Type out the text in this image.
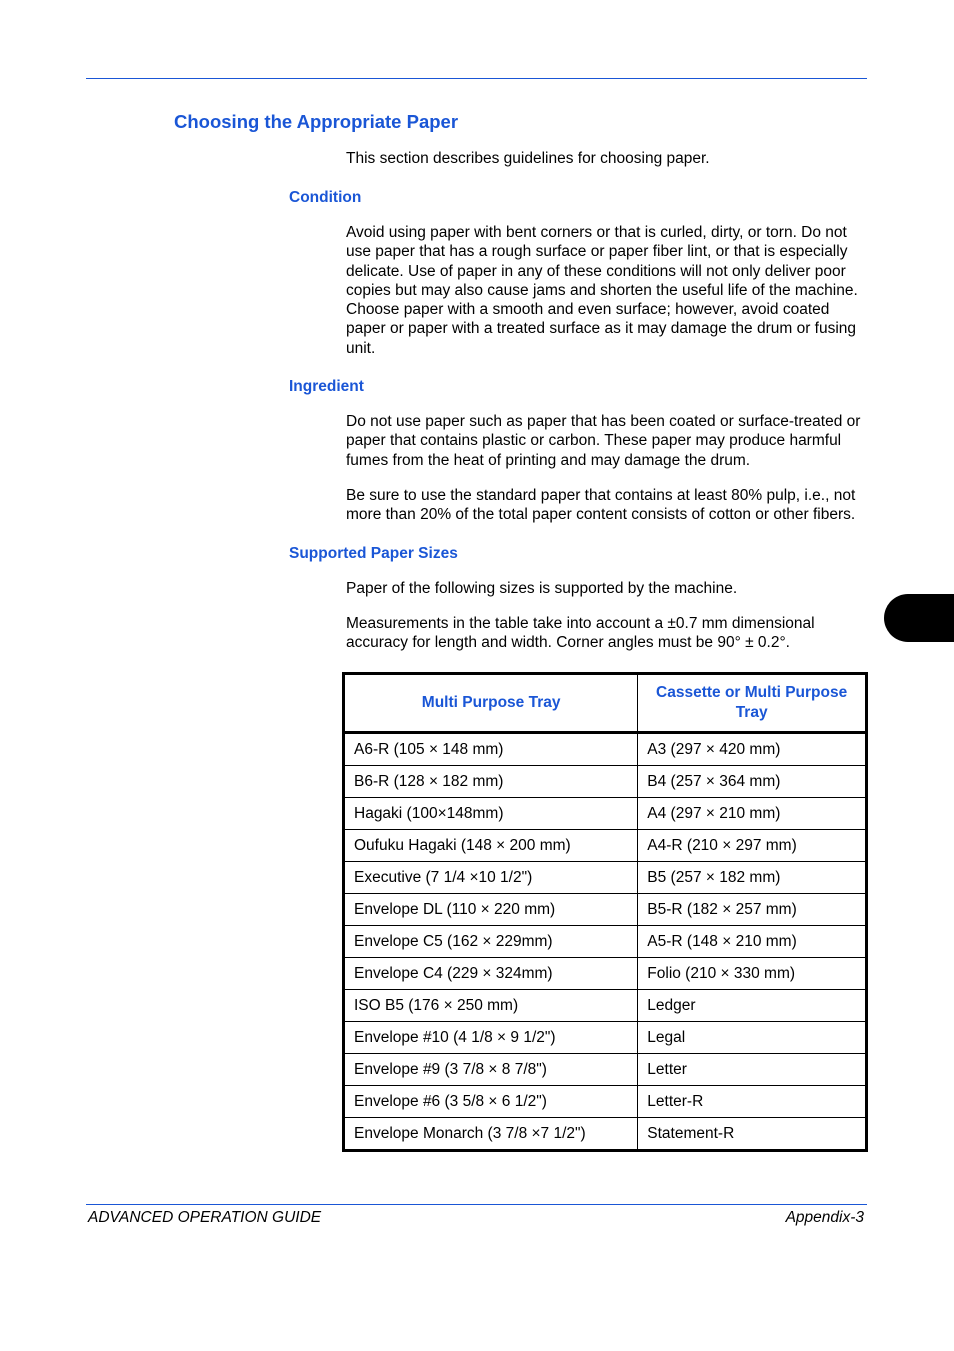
Choosing the Appropriate Paper

This section describes guidelines for choosing paper.

Condition

Avoid using paper with bent corners or that is curled, dirty, or torn. Do not use paper that has a rough surface or paper fiber lint, or that is especially delicate. Use of paper in any of these conditions will not only deliver poor copies but may also cause jams and shorten the useful life of the machine. Choose paper with a smooth and even surface; however, avoid coated paper or paper with a treated surface as it may damage the drum or fusing unit.

Ingredient

Do not use paper such as paper that has been coated or surface-treated or paper that contains plastic or carbon. These paper may produce harmful fumes from the heat of printing and may damage the drum.

Be sure to use the standard paper that contains at least 80% pulp, i.e., not more than 20% of the total paper content consists of cotton or other fibers.

Supported Paper Sizes

Paper of the following sizes is supported by the machine.

Measurements in the table take into account a ±0.7 mm dimensional accuracy for length and width. Corner angles must be 90° ± 0.2°.

Multi Purpose Tray	Cassette or Multi Purpose Tray
A6-R (105 × 148 mm)	A3 (297 × 420 mm)
B6-R (128 × 182 mm)	B4 (257 × 364 mm)
Hagaki (100×148mm)	A4 (297 × 210 mm)
Oufuku Hagaki (148 × 200 mm)	A4-R (210 × 297 mm)
Executive (7 1/4 ×10 1/2")	B5 (257 × 182 mm)
Envelope DL (110 × 220 mm)	B5-R (182 × 257 mm)
Envelope C5 (162 × 229mm)	A5-R (148 × 210 mm)
Envelope C4 (229 × 324mm)	Folio (210 × 330 mm)
ISO B5 (176 × 250 mm)	Ledger
Envelope #10 (4 1/8 × 9 1/2")	Legal
Envelope #9 (3 7/8 × 8 7/8")	Letter
Envelope #6 (3 5/8 × 6 1/2")	Letter-R
Envelope Monarch (3 7/8 ×7 1/2")	Statement-R
ADVANCED OPERATION GUIDE	Appendix-3
